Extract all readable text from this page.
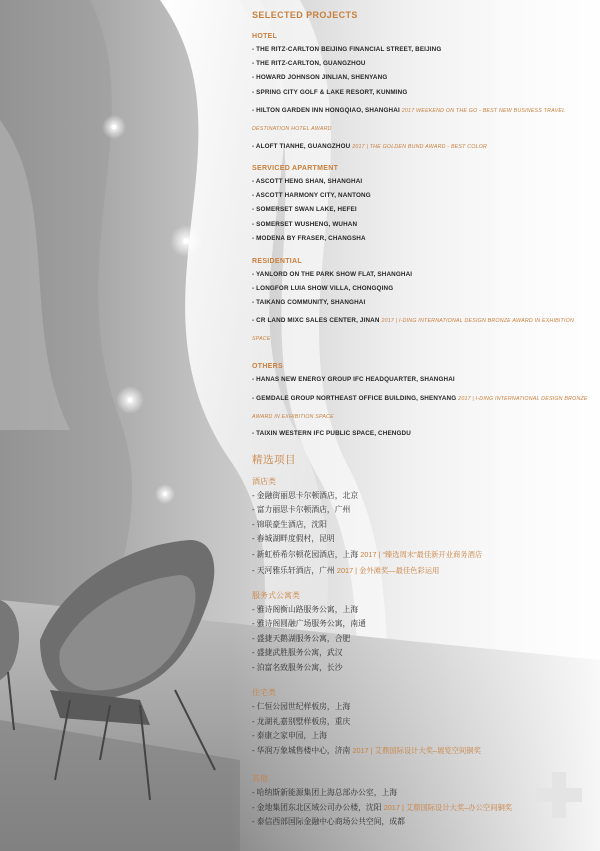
SELECTED PROJECTS

HOTEL

- THE RITZ-CARLTON BEIJING FINANCIAL STREET, BEIJING

- THE RITZ-CARLTON, GUANGZHOU

- HOWARD JOHNSON JINLIAN, SHENYANG

- SPRING CITY GOLF & LAKE RESORT, KUNMING

- HILTON GARDEN INN HONGQIAO, SHANGHAI 2017 WEEKEND ON THE GO - BEST NEW BUSINESS TRAVEL DESTINATION HOTEL AWARD

- ALOFT TIANHE, GUANGZHOU 2017 | THE GOLDEN BUND AWARD - BEST COLOR

SERVICED APARTMENT

- ASCOTT HENG SHAN, SHANGHAI

- ASCOTT HARMONY CITY, NANTONG

- SOMERSET SWAN LAKE, HEFEI

- SOMERSET WUSHENG, WUHAN

- MODENA BY FRASER, CHANGSHA

RESIDENTIAL

- YANLORD ON THE PARK SHOW FLAT, SHANGHAI

- LONGFOR LUIA SHOW VILLA, CHONGQING

- TAIKANG COMMUNITY, SHANGHAI

- CR LAND MIXC SALES CENTER, JINAN 2017 | I-DING INTERNATIONAL DESIGN BRONZE AWARD IN EXHIBITION SPACE

OTHERS

- HANAS NEW ENERGY GROUP IFC HEADQUARTER, SHANGHAI

- GEMDALE GROUP NORTHEAST OFFICE BUILDING, SHENYANG 2017 | I-DING INTERNATIONAL DESIGN BRONZE AWARD IN EXHIBITION SPACE

- TAIXIN WESTERN IFC PUBLIC SPACE, CHENGDU

精选项目

酒店类

- 金融街丽思卡尔顿酒店，北京

- 富力丽思卡尔顿酒店，广州

- 锦联豪生酒店，沈阳

- 春城湖畔度假村，昆明

- 新虹桥希尔顿花园酒店，上海 2017 | “臻选周末”最佳新开业商务酒店

- 天河雅乐轩酒店，广州 2017 | 金外滩奖—最佳色彩运用

服务式公寓类

- 雅诗阁衡山路服务公寓，上海

- 雅诗阁圆融广场服务公寓，南通

- 盛捷天鹅湖服务公寓，合肥

- 盛捷武胜服务公寓，武汉

- 泊富名致服务公寓，长沙

住宅类

- 仁恒公园世纪样板房，上海

- 龙湖礼嘉别墅样板房，重庆

- 泰康之家申园，上海

- 华润万象城售楼中心，济南 2017 | 艾鼎国际设计大奖–展览空间铜奖

其他

- 哈纳斯新能源集团上海总部办公室，上海

- 金地集团东北区域公司办公楼，沈阳 2017 | 艾鼎国际设计大奖–办公空间铜奖

- 泰信西部国际金融中心商场公共空间，成都
